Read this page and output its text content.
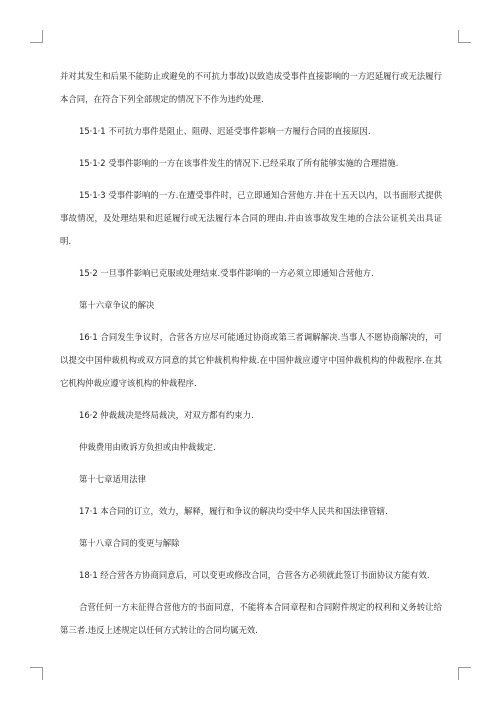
并对其发生和后果不能防止或避免的不可抗力事故)以致造成受事件直接影响的一方迟延履行或无法履行本合同，在符合下列全部规定的情况下不作为违约处理.

15·1·1 不可抗力事件是阻止、阻碍、迟延受事件影响一方履行合同的直接原因.

15·1·2 受事件影响的一方在该事件发生的情况下.已经采取了所有能够实施的合理措施.

15·1·3 受事件影响的一方.在遭受事件时，已立即通知合营他方.并在十五天以内，以书面形式提供事故情况，及处理结果和迟延履行或无法履行本合同的理由.并由该事故发生地的合法公证机关出具证明.

15·2 一旦事件影响已克服或处理结束.受事件影响的一方必须立即通知合营他方.

第十六章争议的解决

16·1 合同发生争议时，合营各方应尽可能通过协商或第三者调解解决.当事人不愿协商解决的，可以提交中国仲裁机构或双方同意的其它仲裁机构仲裁.在中国仲裁应遵守中国仲裁机构的仲裁程序.在其它机构仲裁应遵守该机构的仲裁程序.

16·2 仲裁裁决是终局裁决，对双方都有约束力.

仲裁费用由败诉方负担或由仲裁裁定.

第十七章适用法律

17·1 本合同的订立，效力，解释，履行和争议的解决均受中华人民共和国法律管辖.

第十八章合同的变更与解除

18·1 经合营各方协商同意后，可以变更或修改合同，合营各方必须就此签订书面协议方能有效.

合营任何一方未征得合营他方的书面同意，不能将本合同章程和合同附件规定的权利和义务转让给第三者.违反上述规定以任何方式转让的合同均属无效.
